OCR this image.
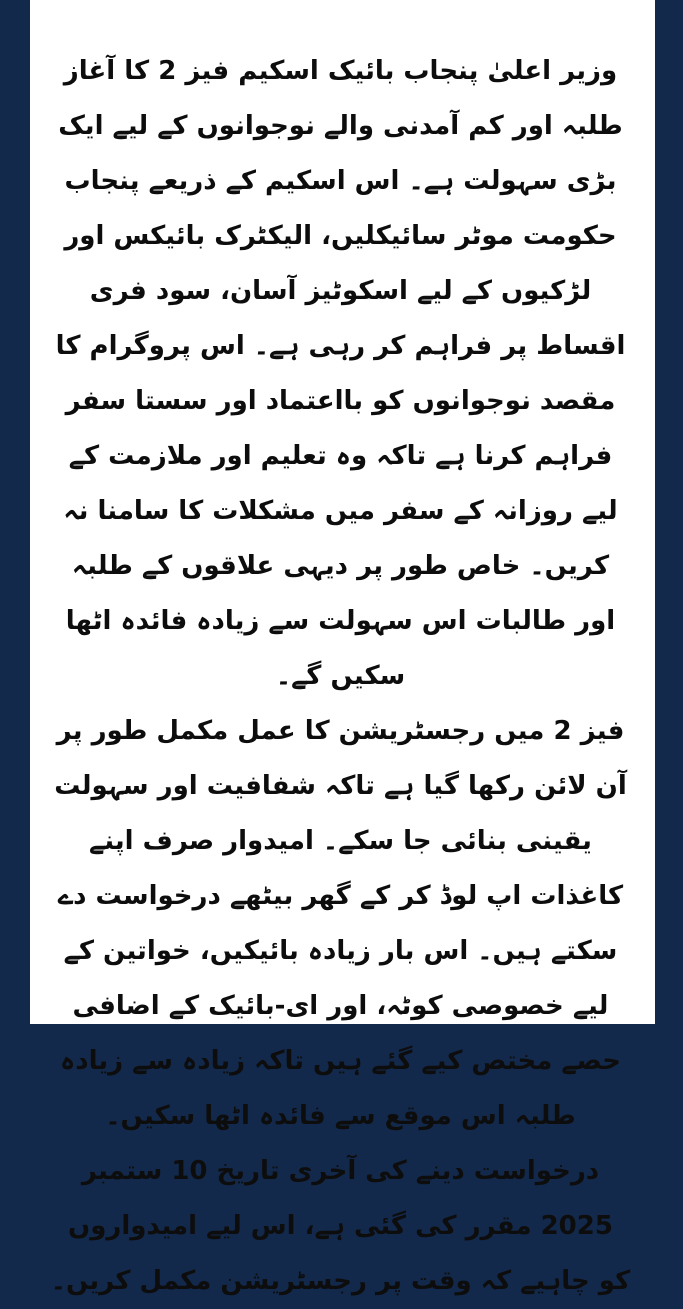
وزیر اعلیٰ پنجاب بائیک اسکیم فیز 2 کا آغاز طلبہ اور کم آمدنی والے نوجوانوں کے لیے ایک بڑی سہولت ہے۔ اس اسکیم کے ذریعے پنجاب حکومت موٹر سائیکلیں، الیکٹرک بائیکس اور لڑکیوں کے لیے اسکوٹیز آسان، سود فری اقساط پر فراہم کر رہی ہے۔ اس پروگرام کا مقصد نوجوانوں کو بااعتماد اور سستا سفر فراہم کرنا ہے تاکہ وہ تعلیم اور ملازمت کے لیے روزانہ کے سفر میں مشکلات کا سامنا نہ کریں۔ خاص طور پر دیہی علاقوں کے طلبہ اور طالبات اس سہولت سے زیادہ فائدہ اٹھا سکیں گے۔

فیز 2 میں رجسٹریشن کا عمل مکمل طور پر آن لائن رکھا گیا ہے تاکہ شفافیت اور سہولت یقینی بنائی جا سکے۔ امیدوار صرف اپنے کاغذات اپ لوڈ کر کے گھر بیٹھے درخواست دے سکتے ہیں۔ اس بار زیادہ بائیکیں، خواتین کے لیے خصوصی کوٹہ، اور ای-بائیک کے اضافی حصے مختص کیے گئے ہیں تاکہ زیادہ سے زیادہ طلبہ اس موقع سے فائدہ اٹھا سکیں۔ درخواست دینے کی آخری تاریخ 10 ستمبر 2025 مقرر کی گئی ہے، اس لیے امیدواروں کو چاہیے کہ وقت پر رجسٹریشن مکمل کریں۔
